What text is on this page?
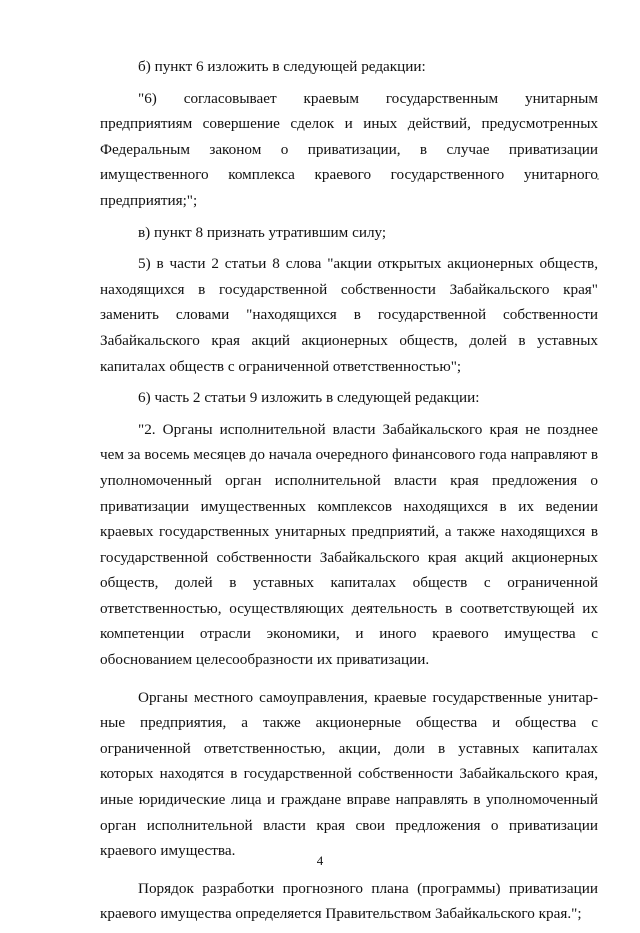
б) пункт 6 изложить в следующей редакции:

"6) согласовывает краевым государственным унитарным предприятиям совершение сделок и иных действий, предусмотренных Федеральным законом о приватизации, в случае приватизации имущественного комплекса краевого государственного унитарного предприятия;";

в) пункт 8 признать утратившим силу;

5) в части 2 статьи 8 слова "акции открытых акционерных обществ, находящихся в государственной собственности Забайкальского края" заменить словами "находящихся в государственной собственности Забайкальского края акций акционерных обществ, долей в уставных капиталах обществ с ограниченной ответственностью";

6) часть 2 статьи 9 изложить в следующей редакции:

"2. Органы исполнительной власти Забайкальского края не позднее чем за восемь месяцев до начала очередного финансового года направляют в уполномоченный орган исполнительной власти края предложения о приватизации имущественных комплексов находящихся в их ведении краевых государственных унитарных предприятий, а также находящихся в государственной собственности Забайкальского края акций акционерных обществ, долей в уставных капиталах обществ с ограниченной ответственностью, осуществляющих деятельность в соответствующей их компетенции отрасли экономики, и иного краевого имущества с обоснованием целесообразности их приватизации.

Органы местного самоуправления, краевые государственные унитарные предприятия, а также акционерные общества и общества с ограниченной ответственностью, акции, доли в уставных капиталах которых находятся в государственной собственности Забайкальского края, иные юридические лица и граждане вправе направлять в уполномоченный орган исполнительной власти края свои предложения о приватизации краевого имущества.

Порядок разработки прогнозного плана (программы) приватизации краевого имущества определяется Правительством Забайкальского края.";

4
